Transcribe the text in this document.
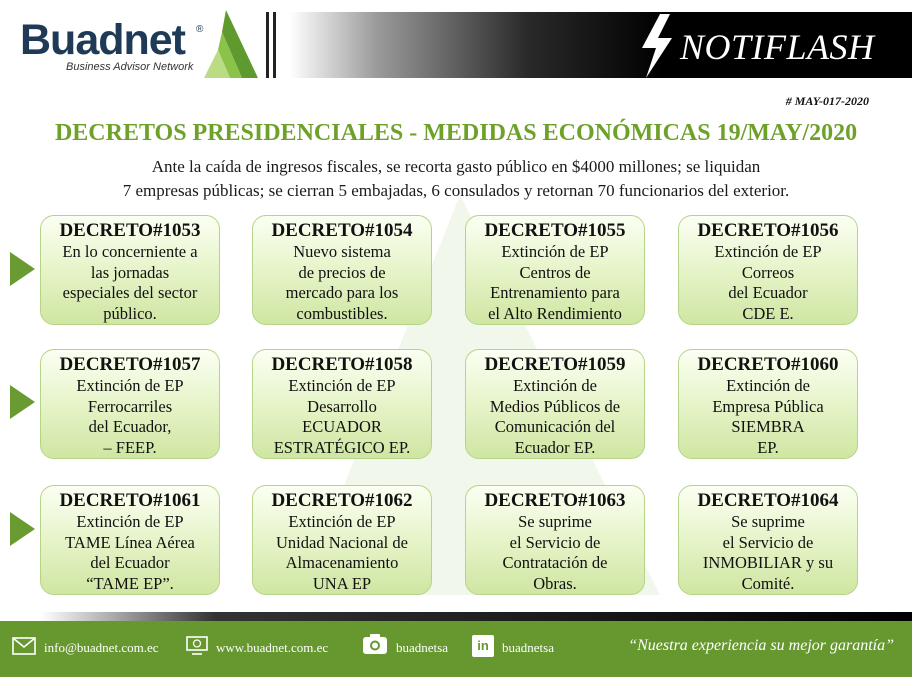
Buadnet ®
Business Advisor Network	NOTIFLASH
# MAY-017-2020
DECRETOS PRESIDENCIALES - MEDIDAS ECONÓMICAS 19/MAY/2020
Ante la caída de ingresos fiscales, se recorta gasto público en $4000 millones; se liquidan
7 empresas públicas; se cierran 5 embajadas, 6 consulados y retornan 70 funcionarios del exterior.
DECRETO#1053
En lo concerniente a
las jornadas
especiales del sector
público.
DECRETO#1054
Nuevo sistema
de precios de
mercado para los
combustibles.
DECRETO#1055
Extinción de EP
Centros de
Entrenamiento para
el Alto Rendimiento
DECRETO#1056
Extinción de EP
Correos
del Ecuador
CDE E.
DECRETO#1057
Extinción de EP
Ferrocarriles
del Ecuador,
– FEEP.
DECRETO#1058
Extinción de EP
Desarrollo
ECUADOR
ESTRATÉGICO EP.
DECRETO#1059
Extinción de
Medios Públicos de
Comunicación del
Ecuador EP.
DECRETO#1060
Extinción de
Empresa Pública
SIEMBRA
EP.
DECRETO#1061
Extinción de EP
TAME Línea Aérea
del Ecuador
“TAME EP”.
DECRETO#1062
Extinción de EP
Unidad Nacional de
Almacenamiento
UNA EP
DECRETO#1063
Se suprime
el Servicio de
Contratación de
Obras.
DECRETO#1064
Se suprime
el Servicio de
INMOBILIAR y su
Comité.
info@buadnet.com.ec	www.buadnet.com.ec	buadnetsa	in	buadnetsa	“Nuestra experiencia su mejor garantía”
